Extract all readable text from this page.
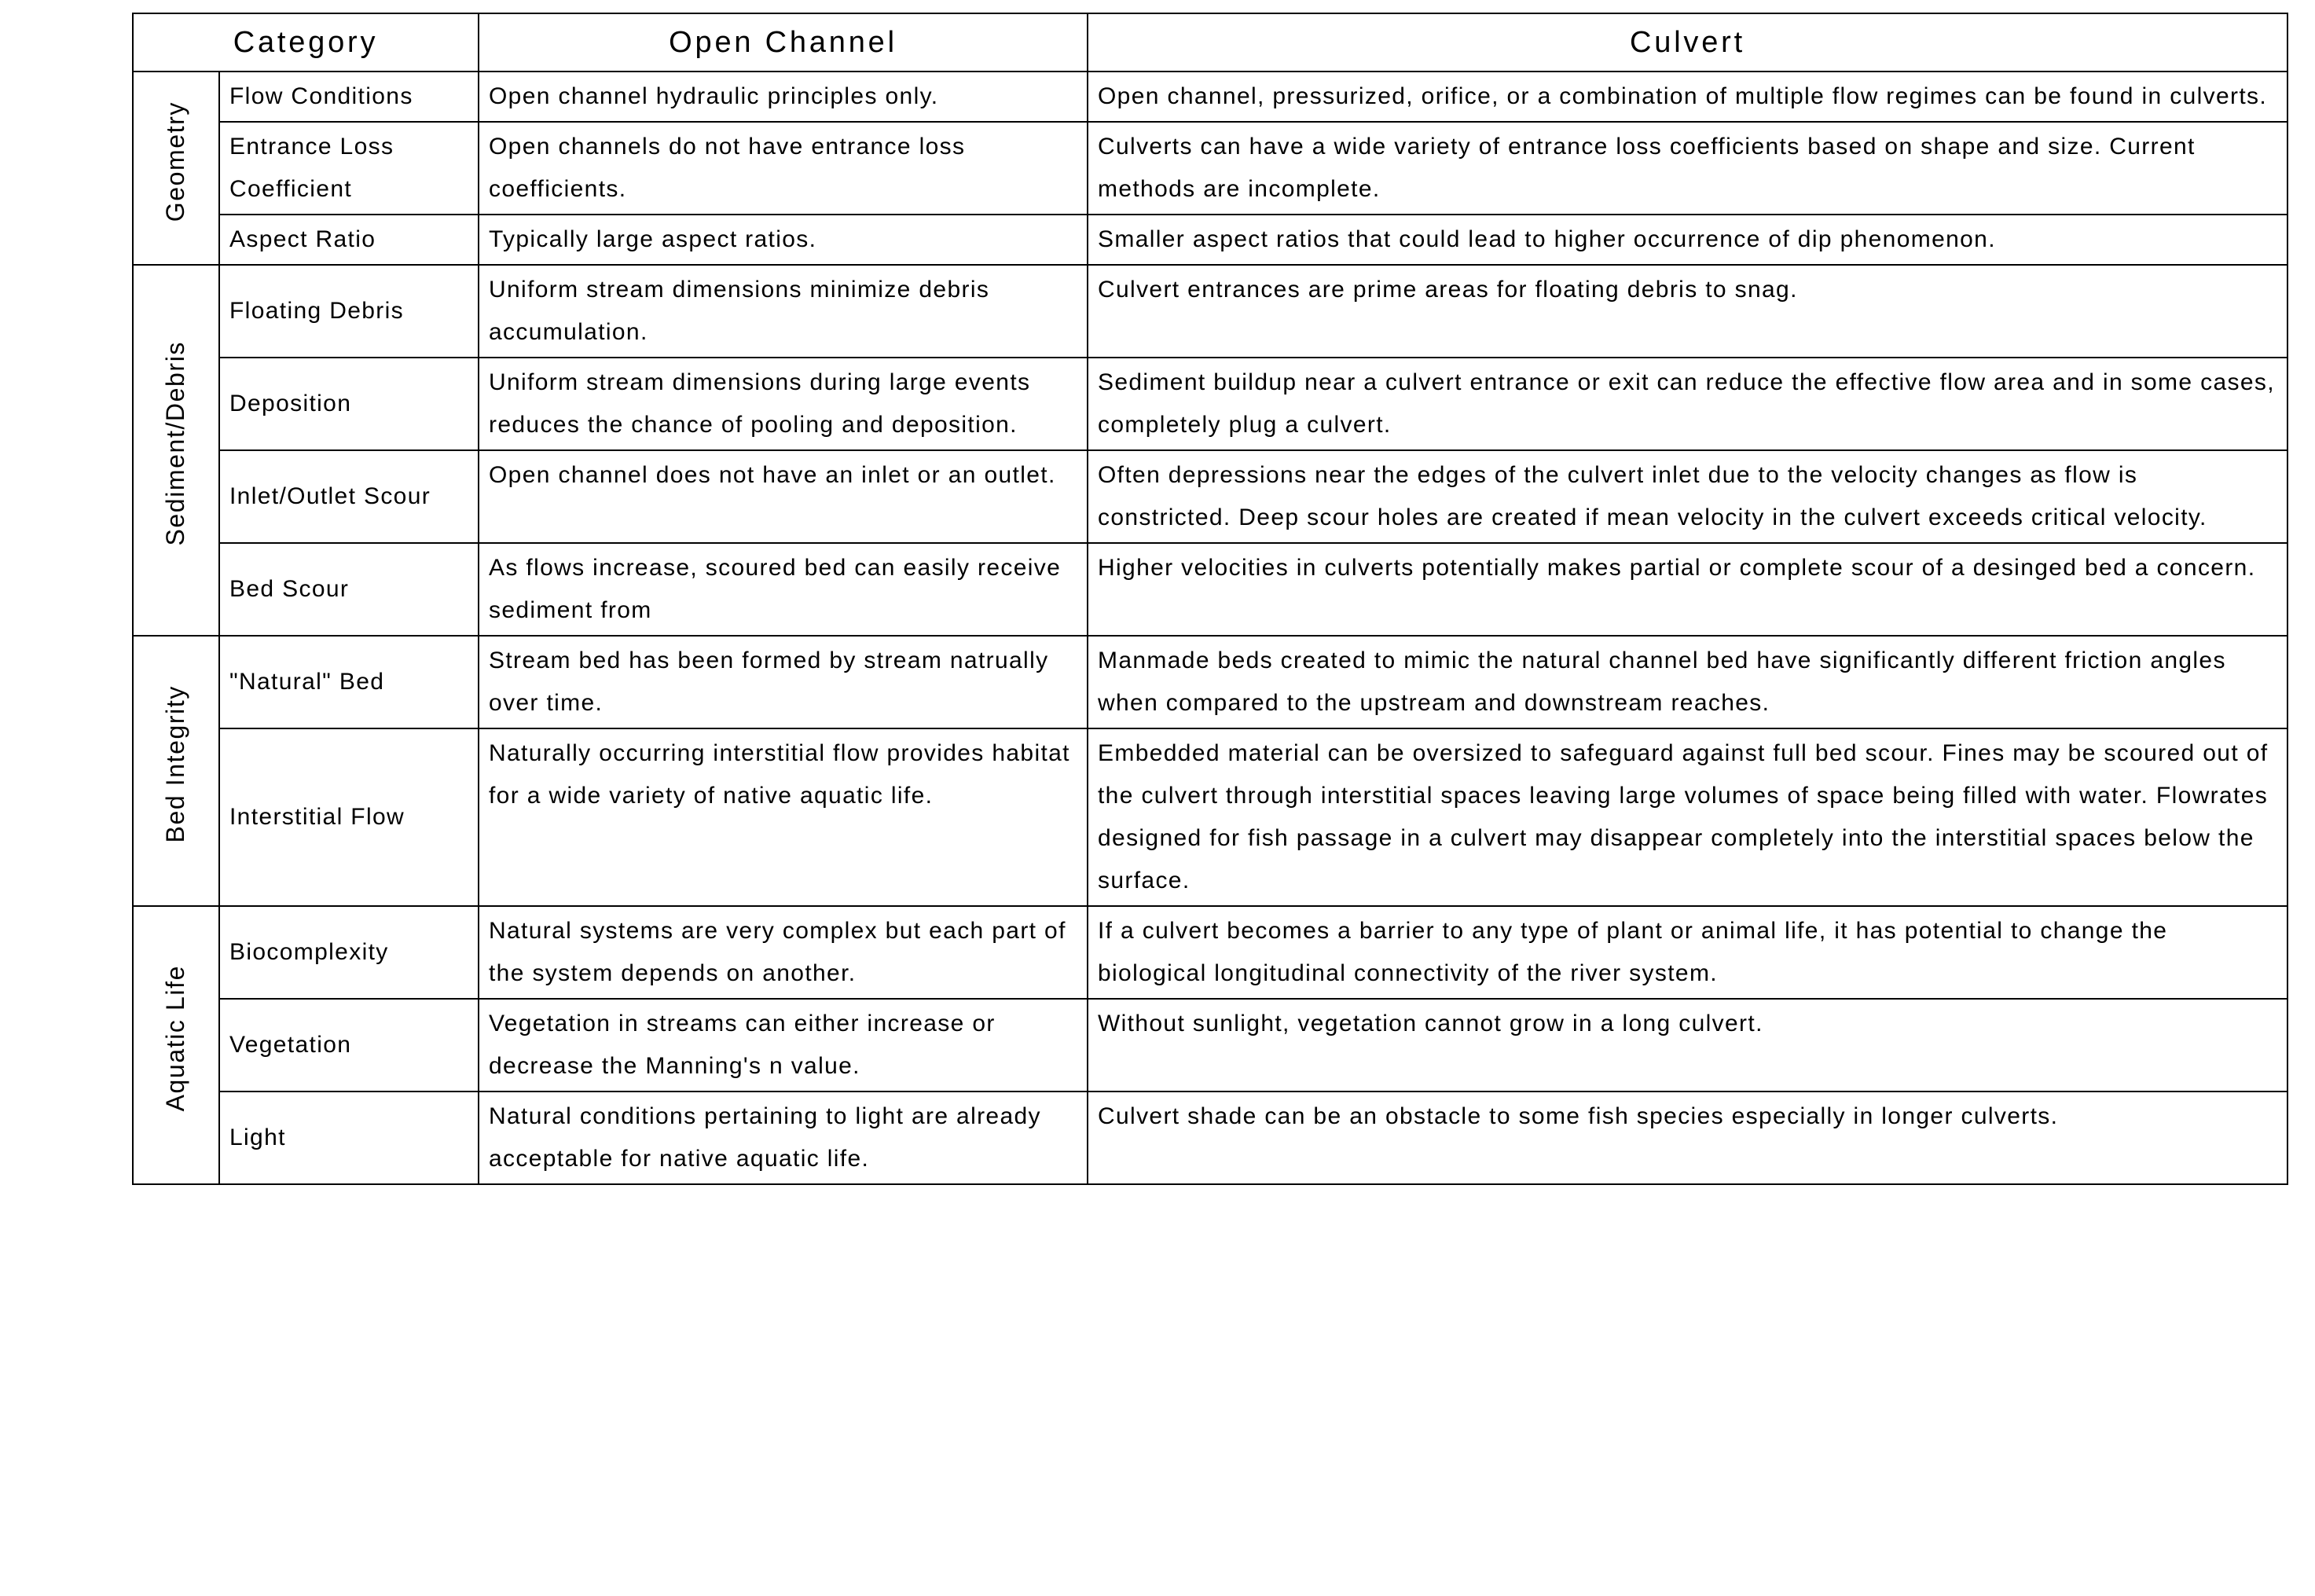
Category		Open Channel	Culvert
Geometry	Flow Conditions	Open channel hydraulic principles only.	Open channel, pressurized, orifice, or a combination of multiple flow regimes can be found in culverts.
	Entrance Loss Coefficient	Open channels do not have entrance loss coefficients.	Culverts can have a wide variety of entrance loss coefficients based on shape and size. Current methods are incomplete.
	Aspect Ratio	Typically large aspect ratios.	Smaller aspect ratios that could lead to higher occurrence of dip phenomenon.
Sediment/Debris	Floating Debris	Uniform stream dimensions minimize debris accumulation.	Culvert entrances are prime areas for floating debris to snag.
	Deposition	Uniform stream dimensions during large events reduces the chance of pooling and deposition.	Sediment buildup near a culvert entrance or exit can reduce the effective flow area and in some cases, completely plug a culvert.
	Inlet/Outlet Scour	Open channel does not have an inlet or an outlet.	Often depressions near the edges of the culvert inlet due to the velocity changes as flow is constricted. Deep scour holes are created if mean velocity in the culvert exceeds critical velocity.
	Bed Scour	As flows increase, scoured bed can easily receive sediment from	Higher velocities in culverts potentially makes partial or complete scour of a desinged bed a concern.
Bed Integrity	"Natural" Bed	Stream bed has been formed by stream natrually over time.	Manmade beds created to mimic the natural channel bed have significantly different friction angles when compared to the upstream and downstream reaches.
	Interstitial Flow	Naturally occurring interstitial flow provides habitat for a wide variety of native aquatic life.	Embedded material can be oversized to safeguard against full bed scour. Fines may be scoured out of the culvert through interstitial spaces leaving large volumes of space being filled with water. Flowrates designed for fish passage in a culvert may disappear completely into the interstitial spaces below the surface.
Aquatic Life	Biocomplexity	Natural systems are very complex but each part of the system depends on another.	If a culvert becomes a barrier to any type of plant or animal life, it has potential to change the biological longitudinal connectivity of the river system.
	Vegetation	Vegetation in streams can either increase or decrease the Manning's n value.	Without sunlight, vegetation cannot grow in a long culvert.
	Light	Natural conditions pertaining to light are already acceptable for native aquatic life.	Culvert shade can be an obstacle to some fish species especially in longer culverts.
